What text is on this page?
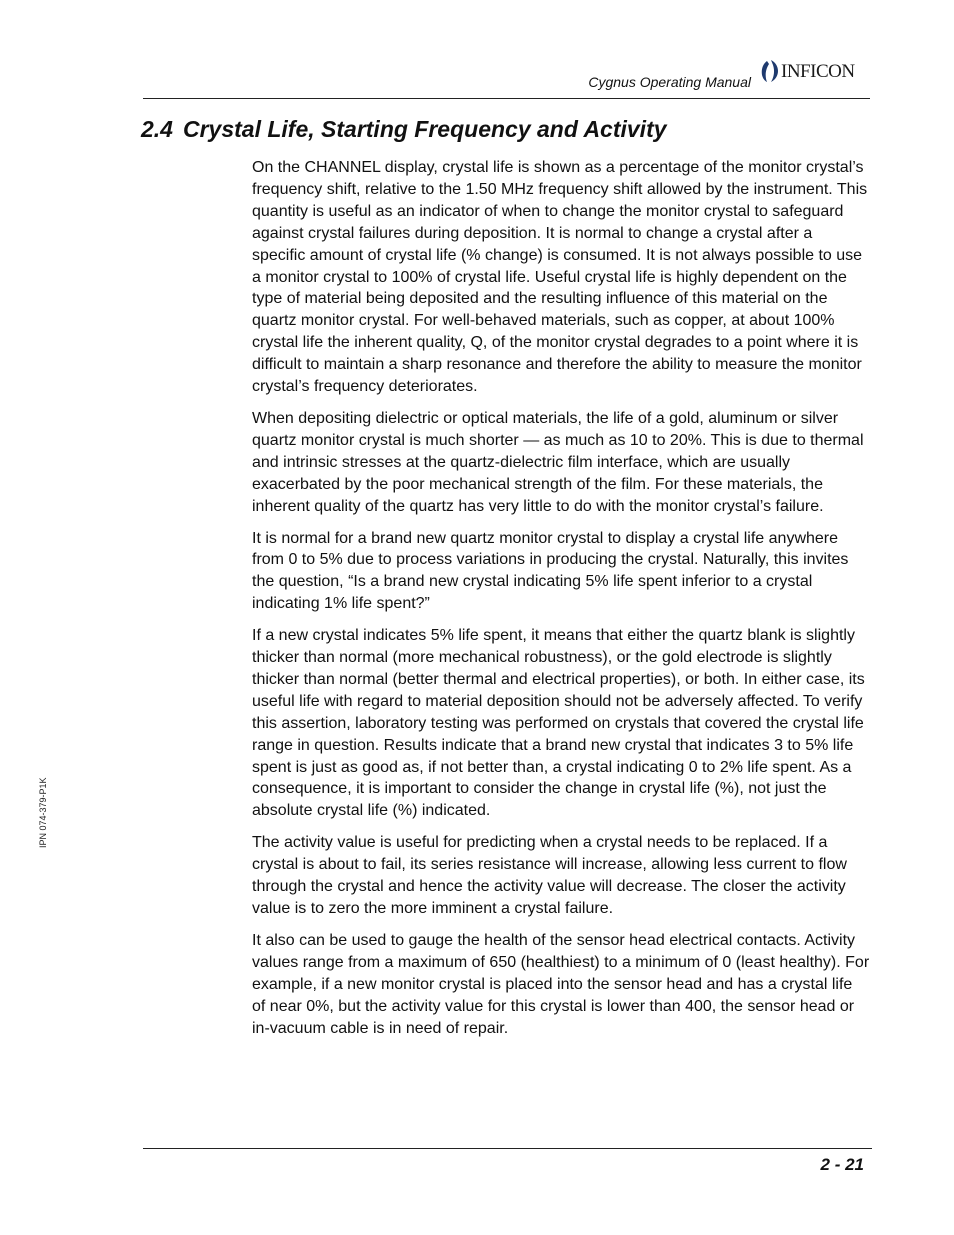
Cygnus Operating Manual INFICON
2.4 Crystal Life, Starting Frequency and Activity

On the CHANNEL display, crystal life is shown as a percentage of the monitor crystal’s frequency shift, relative to the 1.50 MHz frequency shift allowed by the instrument. This quantity is useful as an indicator of when to change the monitor crystal to safeguard against crystal failures during deposition. It is normal to change a crystal after a specific amount of crystal life (% change) is consumed. It is not always possible to use a monitor crystal to 100% of crystal life. Useful crystal life is highly dependent on the type of material being deposited and the resulting influence of this material on the quartz monitor crystal. For well-behaved materials, such as copper, at about 100% crystal life the inherent quality, Q, of the monitor crystal degrades to a point where it is difficult to maintain a sharp resonance and therefore the ability to measure the monitor crystal’s frequency deteriorates.

When depositing dielectric or optical materials, the life of a gold, aluminum or silver quartz monitor crystal is much shorter — as much as 10 to 20%. This is due to thermal and intrinsic stresses at the quartz-dielectric film interface, which are usually exacerbated by the poor mechanical strength of the film. For these materials, the inherent quality of the quartz has very little to do with the monitor crystal’s failure.

It is normal for a brand new quartz monitor crystal to display a crystal life anywhere from 0 to 5% due to process variations in producing the crystal. Naturally, this invites the question, “Is a brand new crystal indicating 5% life spent inferior to a crystal indicating 1% life spent?”

If a new crystal indicates 5% life spent, it means that either the quartz blank is slightly thicker than normal (more mechanical robustness), or the gold electrode is slightly thicker than normal (better thermal and electrical properties), or both. In either case, its useful life with regard to material deposition should not be adversely affected. To verify this assertion, laboratory testing was performed on crystals that covered the crystal life range in question. Results indicate that a brand new crystal that indicates 3 to 5% life spent is just as good as, if not better than, a crystal indicating 0 to 2% life spent. As a consequence, it is important to consider the change in crystal life (%), not just the absolute crystal life (%) indicated.

The activity value is useful for predicting when a crystal needs to be replaced. If a crystal is about to fail, its series resistance will increase, allowing less current to flow through the crystal and hence the activity value will decrease. The closer the activity value is to zero the more imminent a crystal failure.

It also can be used to gauge the health of the sensor head electrical contacts. Activity values range from a maximum of 650 (healthiest) to a minimum of 0 (least healthy). For example, if a new monitor crystal is placed into the sensor head and has a crystal life of near 0%, but the activity value for this crystal is lower than 400, the sensor head or in-vacuum cable is in need of repair.

IPN 074-379-P1K
2 - 21
